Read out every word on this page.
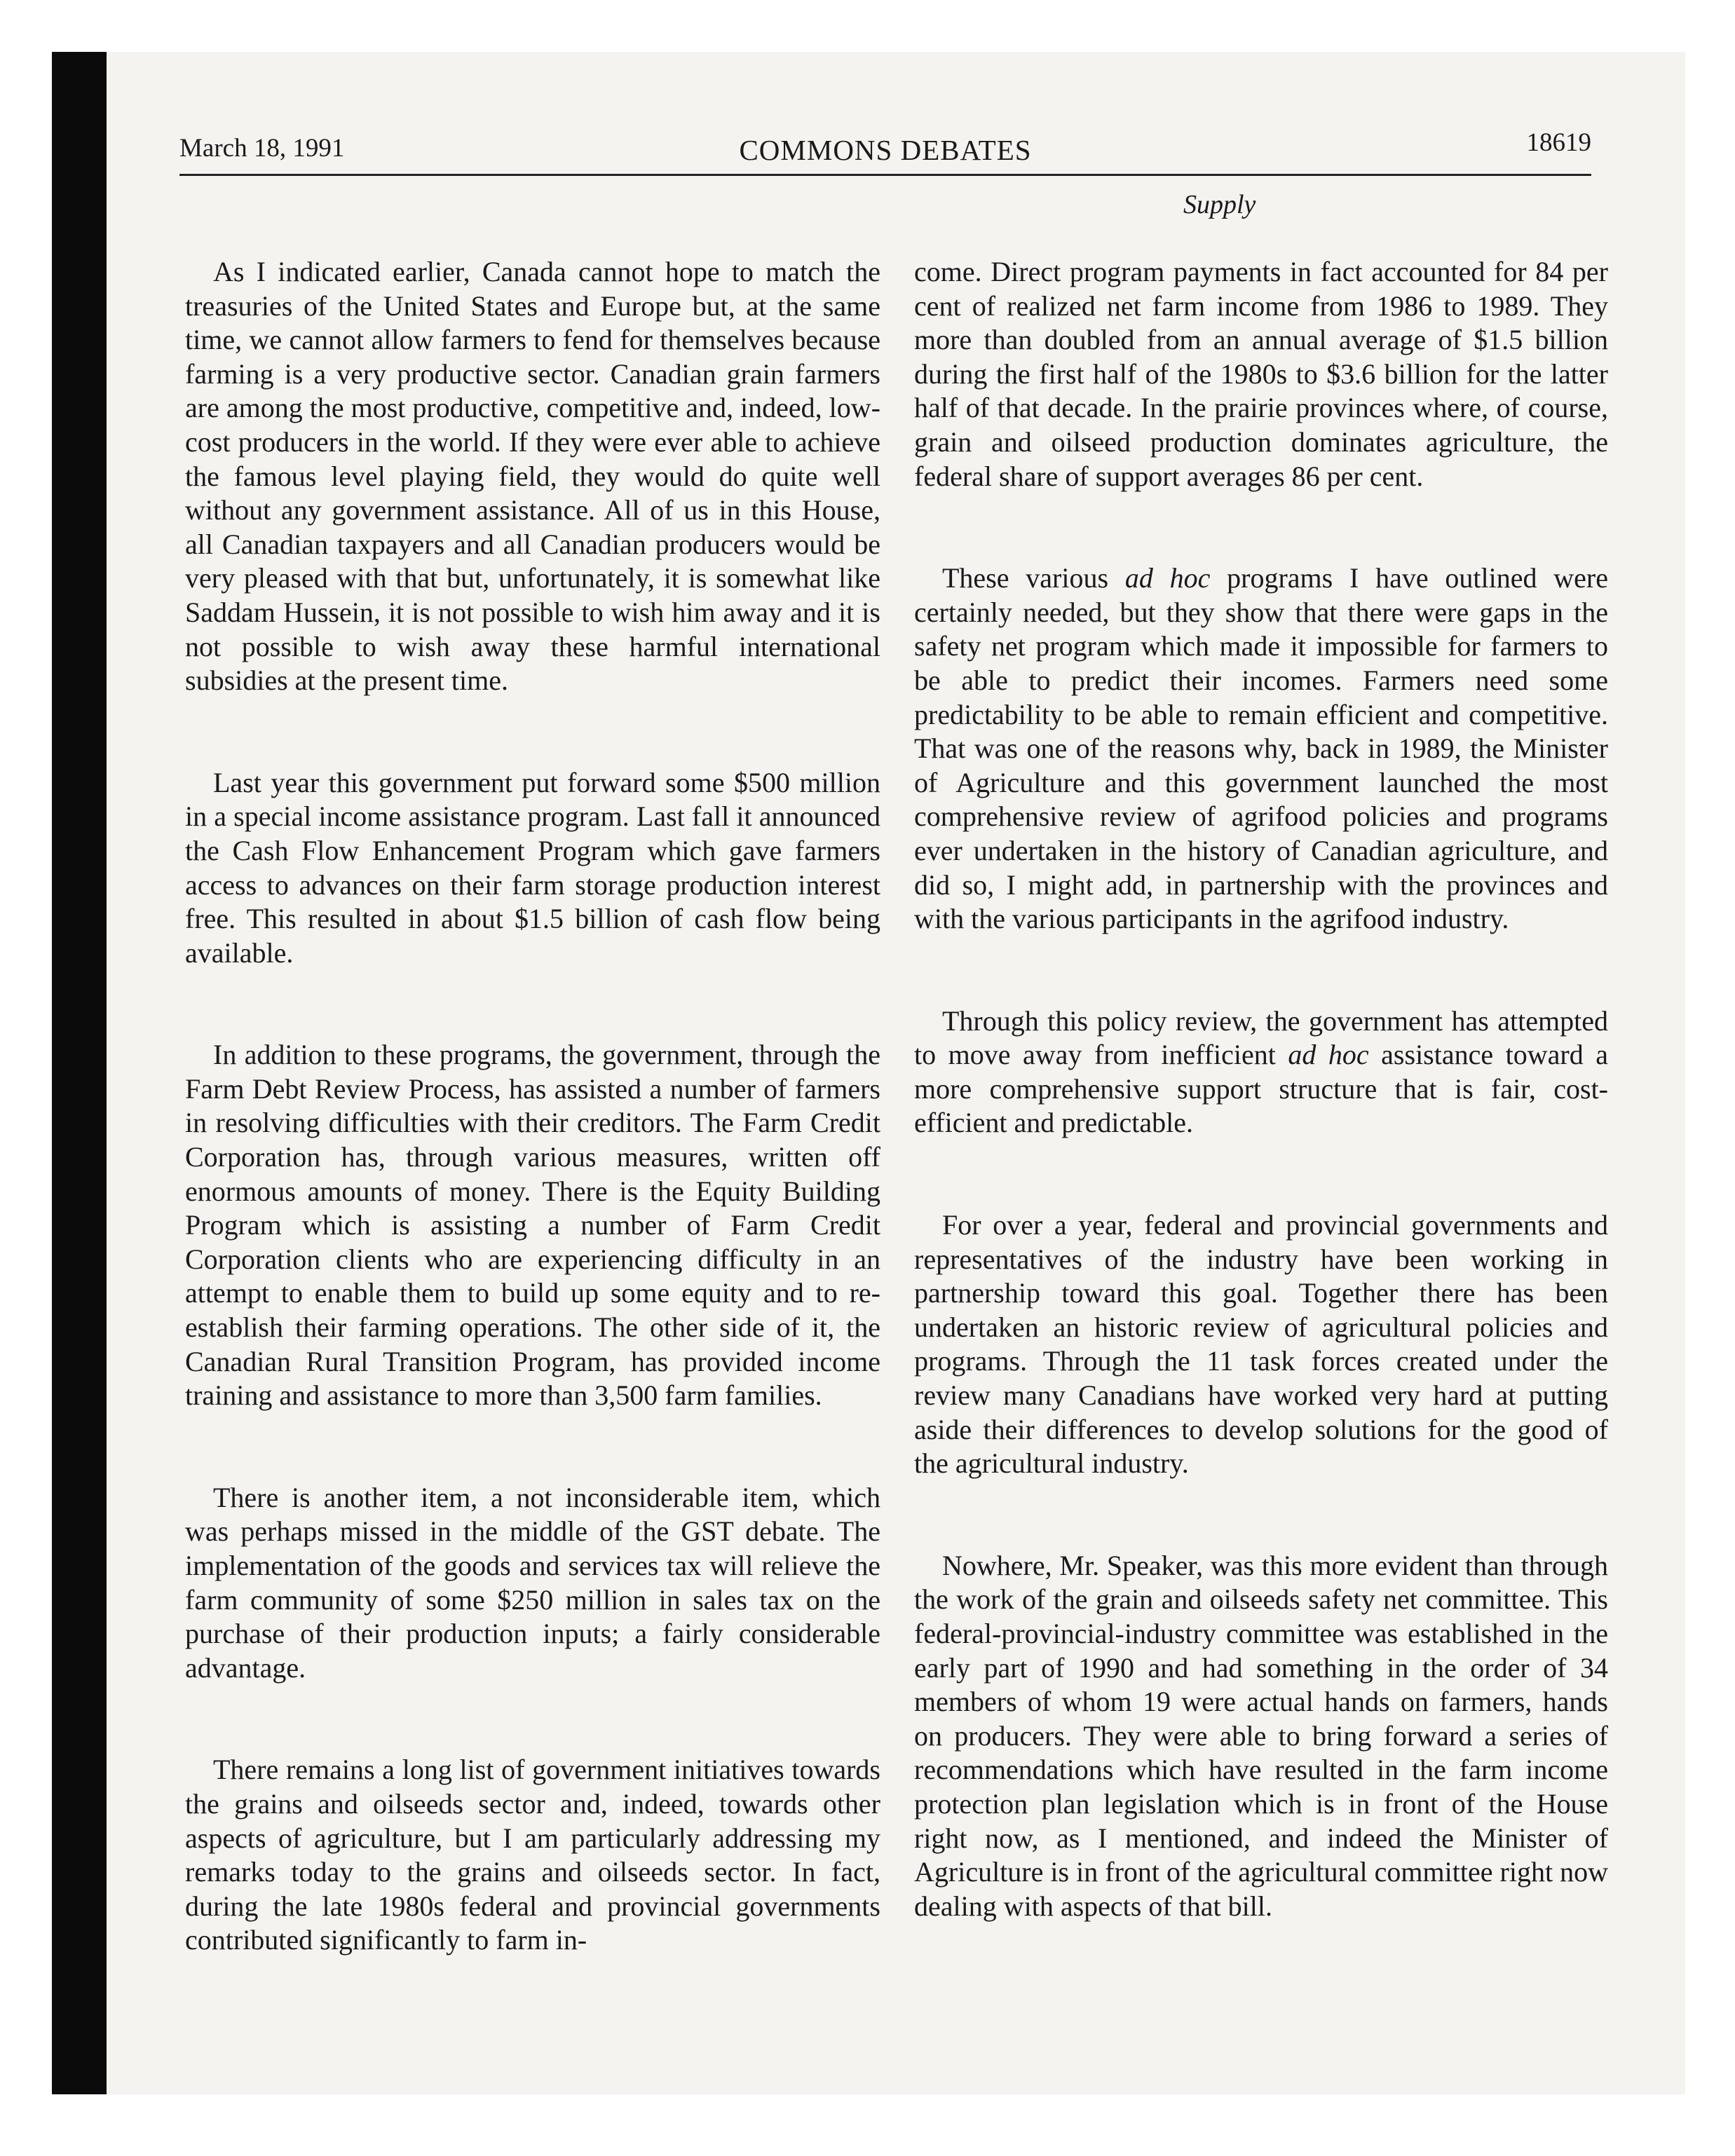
March 18, 1991	COMMONS DEBATES	18619
Supply

As I indicated earlier, Canada cannot hope to match the treasuries of the United States and Europe but, at the same time, we cannot allow farmers to fend for themselves because farming is a very productive sector. Canadian grain farmers are among the most productive, competitive and, indeed, low-cost producers in the world. If they were ever able to achieve the famous level playing field, they would do quite well without any government assistance. All of us in this House, all Canadian taxpayers and all Canadian producers would be very pleased with that but, unfortunately, it is somewhat like Saddam Hussein, it is not possible to wish him away and it is not possible to wish away these harmful international subsidies at the present time.

Last year this government put forward some $500 million in a special income assistance program. Last fall it announced the Cash Flow Enhancement Program which gave farmers access to advances on their farm storage production interest free. This resulted in about $1.5 billion of cash flow being available.

In addition to these programs, the government, through the Farm Debt Review Process, has assisted a number of farmers in resolving difficulties with their creditors. The Farm Credit Corporation has, through various measures, written off enormous amounts of money. There is the Equity Building Program which is assisting a number of Farm Credit Corporation clients who are experiencing difficulty in an attempt to enable them to build up some equity and to re-establish their farming operations. The other side of it, the Canadian Rural Transition Program, has provided income training and assistance to more than 3,500 farm families.

There is another item, a not inconsiderable item, which was perhaps missed in the middle of the GST debate. The implementation of the goods and services tax will relieve the farm community of some $250 million in sales tax on the purchase of their production inputs; a fairly considerable advantage.

There remains a long list of government initiatives towards the grains and oilseeds sector and, indeed, towards other aspects of agriculture, but I am particularly addressing my remarks today to the grains and oilseeds sector. In fact, during the late 1980s federal and provincial governments contributed significantly to farm in-

come. Direct program payments in fact accounted for 84 per cent of realized net farm income from 1986 to 1989. They more than doubled from an annual average of $1.5 billion during the first half of the 1980s to $3.6 billion for the latter half of that decade. In the prairie provinces where, of course, grain and oilseed production dominates agriculture, the federal share of support averages 86 per cent.

These various ad hoc programs I have outlined were certainly needed, but they show that there were gaps in the safety net program which made it impossible for farmers to be able to predict their incomes. Farmers need some predictability to be able to remain efficient and competitive. That was one of the reasons why, back in 1989, the Minister of Agriculture and this government launched the most comprehensive review of agrifood policies and programs ever undertaken in the history of Canadian agriculture, and did so, I might add, in partnership with the provinces and with the various participants in the agrifood industry.

Through this policy review, the government has attempted to move away from inefficient ad hoc assistance toward a more comprehensive support structure that is fair, cost-efficient and predictable.

For over a year, federal and provincial governments and representatives of the industry have been working in partnership toward this goal. Together there has been undertaken an historic review of agricultural policies and programs. Through the 11 task forces created under the review many Canadians have worked very hard at putting aside their differences to develop solutions for the good of the agricultural industry.

Nowhere, Mr. Speaker, was this more evident than through the work of the grain and oilseeds safety net committee. This federal-provincial-industry committee was established in the early part of 1990 and had something in the order of 34 members of whom 19 were actual hands on farmers, hands on producers. They were able to bring forward a series of recommendations which have resulted in the farm income protection plan legislation which is in front of the House right now, as I mentioned, and indeed the Minister of Agriculture is in front of the agricultural committee right now dealing with aspects of that bill.
